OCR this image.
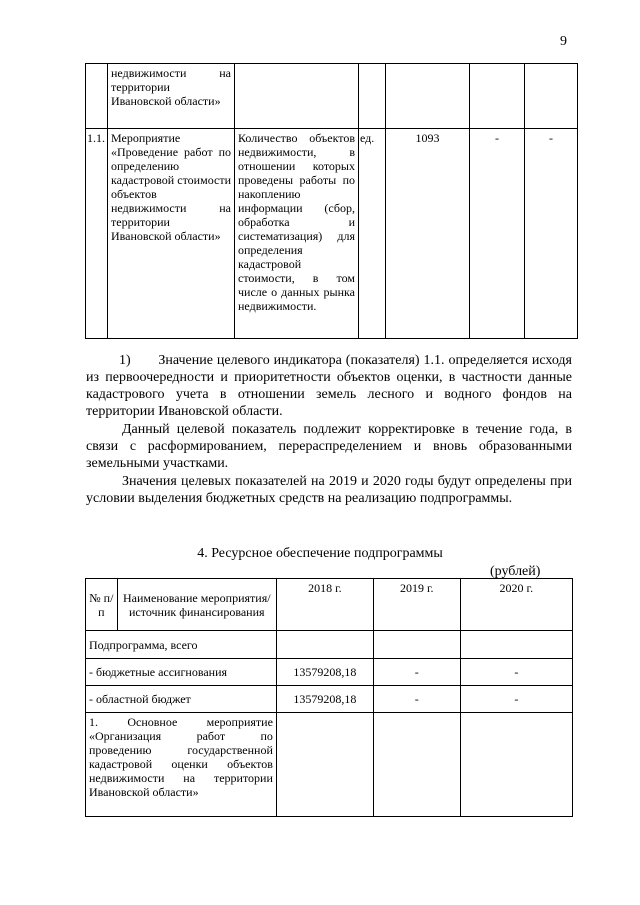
9
	недвижимости на территории Ивановской области»					
1.1.	Мероприятие «Проведение работ по определению кадастровой стоимости объектов недвижимости на территории Ивановской области»	Количество объектов недвижимости, в отношении которых проведены работы по накоплению информации (сбор, обработка и систематизация) для определения кадастровой стоимости, в том числе о данных рынка недвижимости.	ед.	1093	-	-

1) Значение целевого индикатора (показателя) 1.1. определяется исходя из первоочередности и приоритетности объектов оценки, в частности данные кадастрового учета в отношении земель лесного и водного фондов на территории Ивановской области.

Данный целевой показатель подлежит корректировке в течение года, в связи с расформированием, перераспределением и вновь образованными земельными участками.

Значения целевых показателей на 2019 и 2020 годы будут определены при условии выделения бюджетных средств на реализацию подпрограммы.

4. Ресурсное обеспечение подпрограммы
(рублей)
№ п/п	Наименование мероприятия/источник финансирования	2018 г.	2019 г.	2020 г.
Подпрограмма, всего				
- бюджетные ассигнования		13579208,18	-	-
- областной бюджет		13579208,18	-	-
1. Основное мероприятие «Организация работ по проведению государственной кадастровой оценки объектов недвижимости на территории Ивановской области»				
